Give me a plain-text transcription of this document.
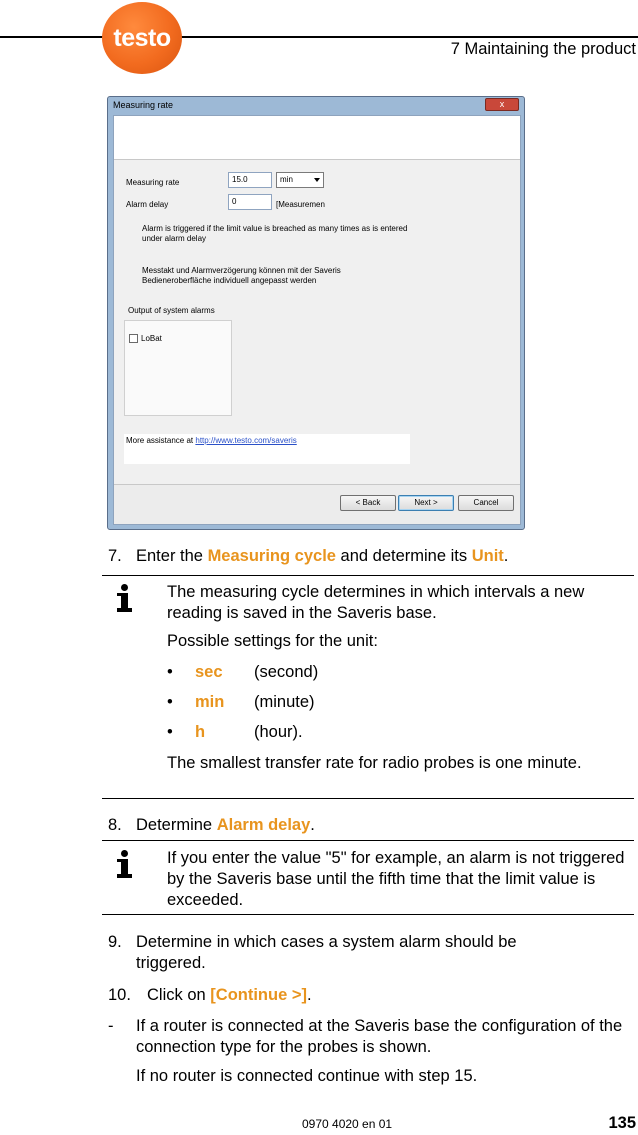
testo	7 Maintaining the product
Measuring rate	x
Measuring rate	15.0	min
Alarm delay	0	[Measuremen
Alarm is triggered if the limit value is breached as many times as is entered under alarm delay
Messtakt und Alarmverzögerung können mit der Saveris Bedieneroberfläche individuell angepasst werden
Output of system alarms
LoBat
More assistance at http://www.testo.com/saveris
< Back	Next >	Cancel
7. Enter the Measuring cycle and determine its Unit.
The measuring cycle determines in which intervals a new reading is saved in the Saveris base.
Possible settings for the unit:
• sec (second)
• min (minute)
• h	(hour).
The smallest transfer rate for radio probes is one minute.
8. Determine Alarm delay.
If you enter the value "5" for example, an alarm is not triggered by the Saveris base until the fifth time that the limit value is exceeded.
9. Determine in which cases a system alarm should be triggered.
10. Click on [Continue >].
- If a router is connected at the Saveris base the configuration of the connection type for the probes is shown.
If no router is connected continue with step 15.
0970 4020 en 01	135
